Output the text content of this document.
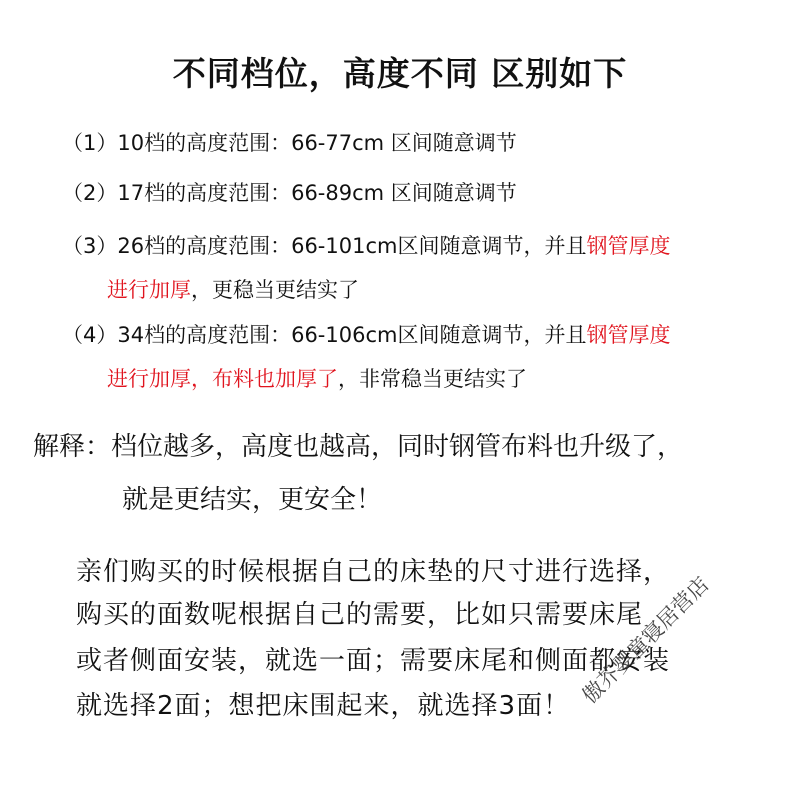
不同档位，高度不同 区别如下
（1）10档的高度范围：66-77cm 区间随意调节
（2）17档的高度范围：66-89cm 区间随意调节
（3）26档的高度范围：66-101cm区间随意调节，并且钢管厚度
进行加厚，更稳当更结实了
（4）34档的高度范围：66-106cm区间随意调节，并且钢管厚度
进行加厚，布料也加厚了，非常稳当更结实了
解释：档位越多，高度也越高，同时钢管布料也升级了，
就是更结实，更安全！
亲们购买的时候根据自己的床垫的尺寸进行选择，
购买的面数呢根据自己的需要，比如只需要床尾
或者侧面安装，就选一面；需要床尾和侧面都安装
就选择2面；想把床围起来，就选择3面！ 傲芥婴童寝居营店
